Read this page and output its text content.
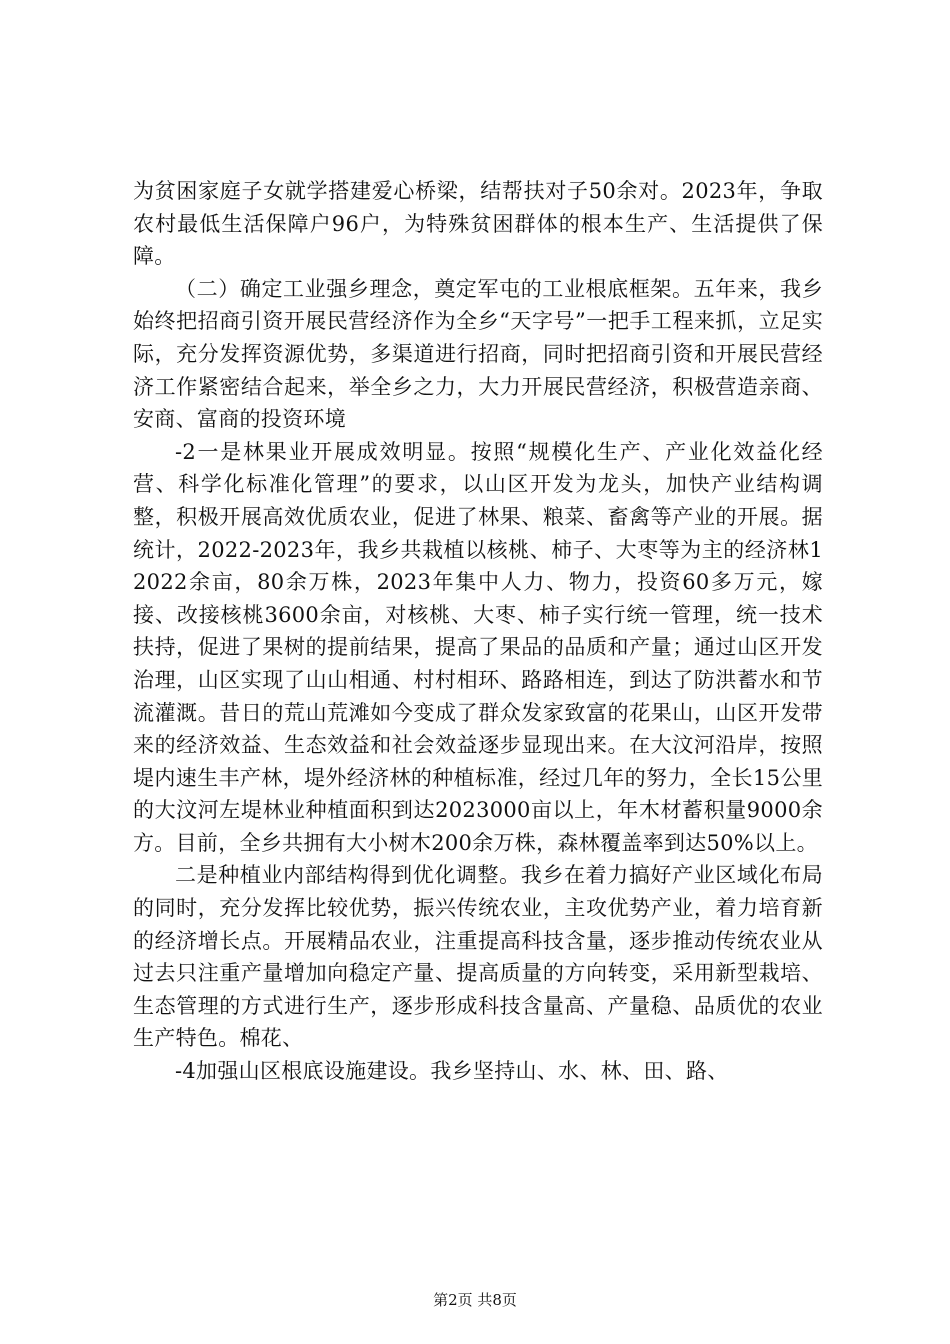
为贫困家庭子女就学搭建爱心桥梁，结帮扶对子50余对。2023年，争取农村最低生活保障户96户，为特殊贫困群体的根本生产、生活提供了保障。

（二）确定工业强乡理念，奠定军屯的工业根底框架。五年来，我乡始终把招商引资开展民营经济作为全乡“天字号”一把手工程来抓，立足实际，充分发挥资源优势，多渠道进行招商，同时把招商引资和开展民营经济工作紧密结合起来，举全乡之力，大力开展民营经济，积极营造亲商、安商、富商的投资环境

-2一是林果业开展成效明显。按照“规模化生产、产业化效益化经营、科学化标准化管理”的要求，以山区开发为龙头，加快产业结构调整，积极开展高效优质农业，促进了林果、粮菜、畜禽等产业的开展。据统计，2022-2023年，我乡共栽植以核桃、柿子、大枣等为主的经济林12022余亩，80余万株，2023年集中人力、物力，投资60多万元，嫁接、改接核桃3600余亩，对核桃、大枣、柿子实行统一管理，统一技术扶持，促进了果树的提前结果，提高了果品的品质和产量；通过山区开发治理，山区实现了山山相通、村村相环、路路相连，到达了防洪蓄水和节流灌溉。昔日的荒山荒滩如今变成了群众发家致富的花果山，山区开发带来的经济效益、生态效益和社会效益逐步显现出来。在大汶河沿岸，按照堤内速生丰产林，堤外经济林的种植标准，经过几年的努力，全长15公里的大汶河左堤林业种植面积到达2023000亩以上，年木材蓄积量9000余方。目前，全乡共拥有大小树木200余万株，森林覆盖率到达50%以上。

二是种植业内部结构得到优化调整。我乡在着力搞好产业区域化布局的同时，充分发挥比较优势，振兴传统农业，主攻优势产业，着力培育新的经济增长点。开展精品农业，注重提高科技含量，逐步推动传统农业从过去只注重产量增加向稳定产量、提高质量的方向转变，采用新型栽培、生态管理的方式进行生产，逐步形成科技含量高、产量稳、品质优的农业生产特色。棉花、

-4加强山区根底设施建设。我乡坚持山、水、林、田、路、

第2页 共8页
